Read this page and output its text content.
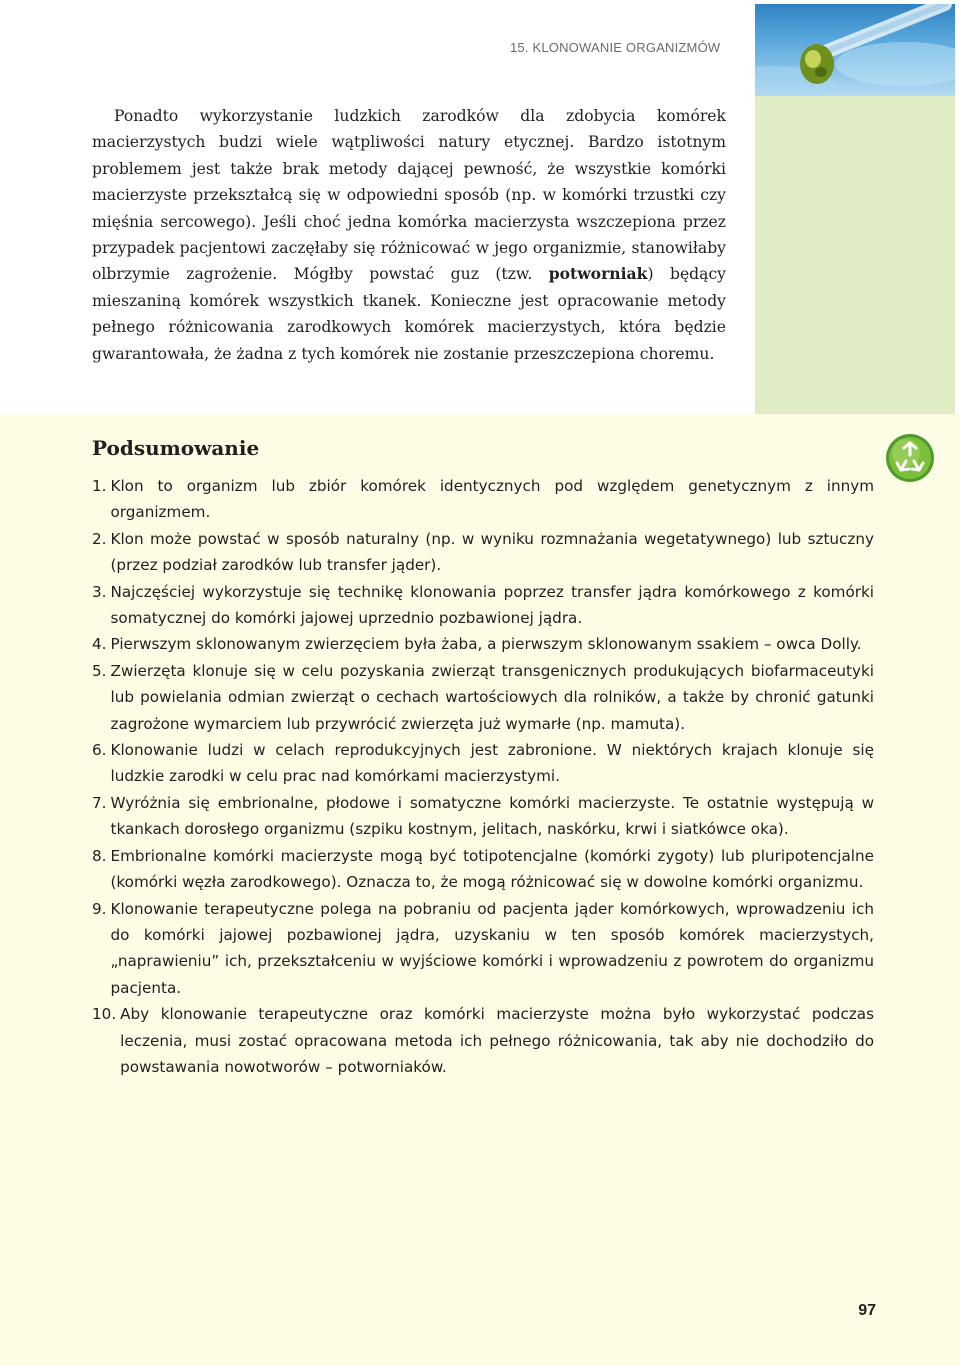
15. KLONOWANIE ORGANIZMÓW

Ponadto wykorzystanie ludzkich zarodków dla zdobycia komórek macierzystych budzi wiele wątpliwości natury etycznej. Bardzo istotnym problemem jest także brak metody dającej pewność, że wszystkie komórki macierzyste przekształcą się w odpowiedni sposób (np. w komórki trzustki czy mięśnia sercowego). Jeśli choć jedna komórka macierzysta wszczepiona przez przypadek pacjentowi zaczęłaby się różnicować w jego organizmie, stanowiłaby olbrzymie zagrożenie. Mógłby powstać guz (tzw. potworniak) będący mieszaniną komórek wszystkich tkanek. Konieczne jest opracowanie metody pełnego różnicowania zarodkowych komórek macierzystych, która będzie gwarantowała, że żadna z tych komórek nie zostanie przeszczepiona choremu.

Podsumowanie
1. Klon to organizm lub zbiór komórek identycznych pod względem genetycznym z innym organizmem.
2. Klon może powstać w sposób naturalny (np. w wyniku rozmnażania wegetatywnego) lub sztuczny (przez podział zarodków lub transfer jąder).
3. Najczęściej wykorzystuje się technikę klonowania poprzez transfer jądra komórkowego z komórki somatycznej do komórki jajowej uprzednio pozbawionej jądra.
4. Pierwszym sklonowanym zwierzęciem była żaba, a pierwszym sklonowanym ssakiem – owca Dolly.
5. Zwierzęta klonuje się w celu pozyskania zwierząt transgenicznych produkujących biofarmaceutyki lub powielania odmian zwierząt o cechach wartościowych dla rolników, a także by chronić gatunki zagrożone wymarciem lub przywrócić zwierzęta już wymarłe (np. mamuta).
6. Klonowanie ludzi w celach reprodukcyjnych jest zabronione. W niektórych krajach klonuje się ludzkie zarodki w celu prac nad komórkami macierzystymi.
7. Wyróżnia się embrionalne, płodowe i somatyczne komórki macierzyste. Te ostatnie występują w tkankach dorosłego organizmu (szpiku kostnym, jelitach, naskórku, krwi i siatkówce oka).
8. Embrionalne komórki macierzyste mogą być totipotencjalne (komórki zygoty) lub pluripotencjalne (komórki węzła zarodkowego). Oznacza to, że mogą różnicować się w dowolne komórki organizmu.
9. Klonowanie terapeutyczne polega na pobraniu od pacjenta jąder komórkowych, wprowadzeniu ich do komórki jajowej pozbawionej jądra, uzyskaniu w ten sposób komórek macierzystych, „naprawieniu” ich, przekształceniu w wyjściowe komórki i wprowadzeniu z powrotem do organizmu pacjenta.
10. Aby klonowanie terapeutyczne oraz komórki macierzyste można było wykorzystać podczas leczenia, musi zostać opracowana metoda ich pełnego różnicowania, tak aby nie dochodziło do powstawania nowotworów – potworniaków.
97
